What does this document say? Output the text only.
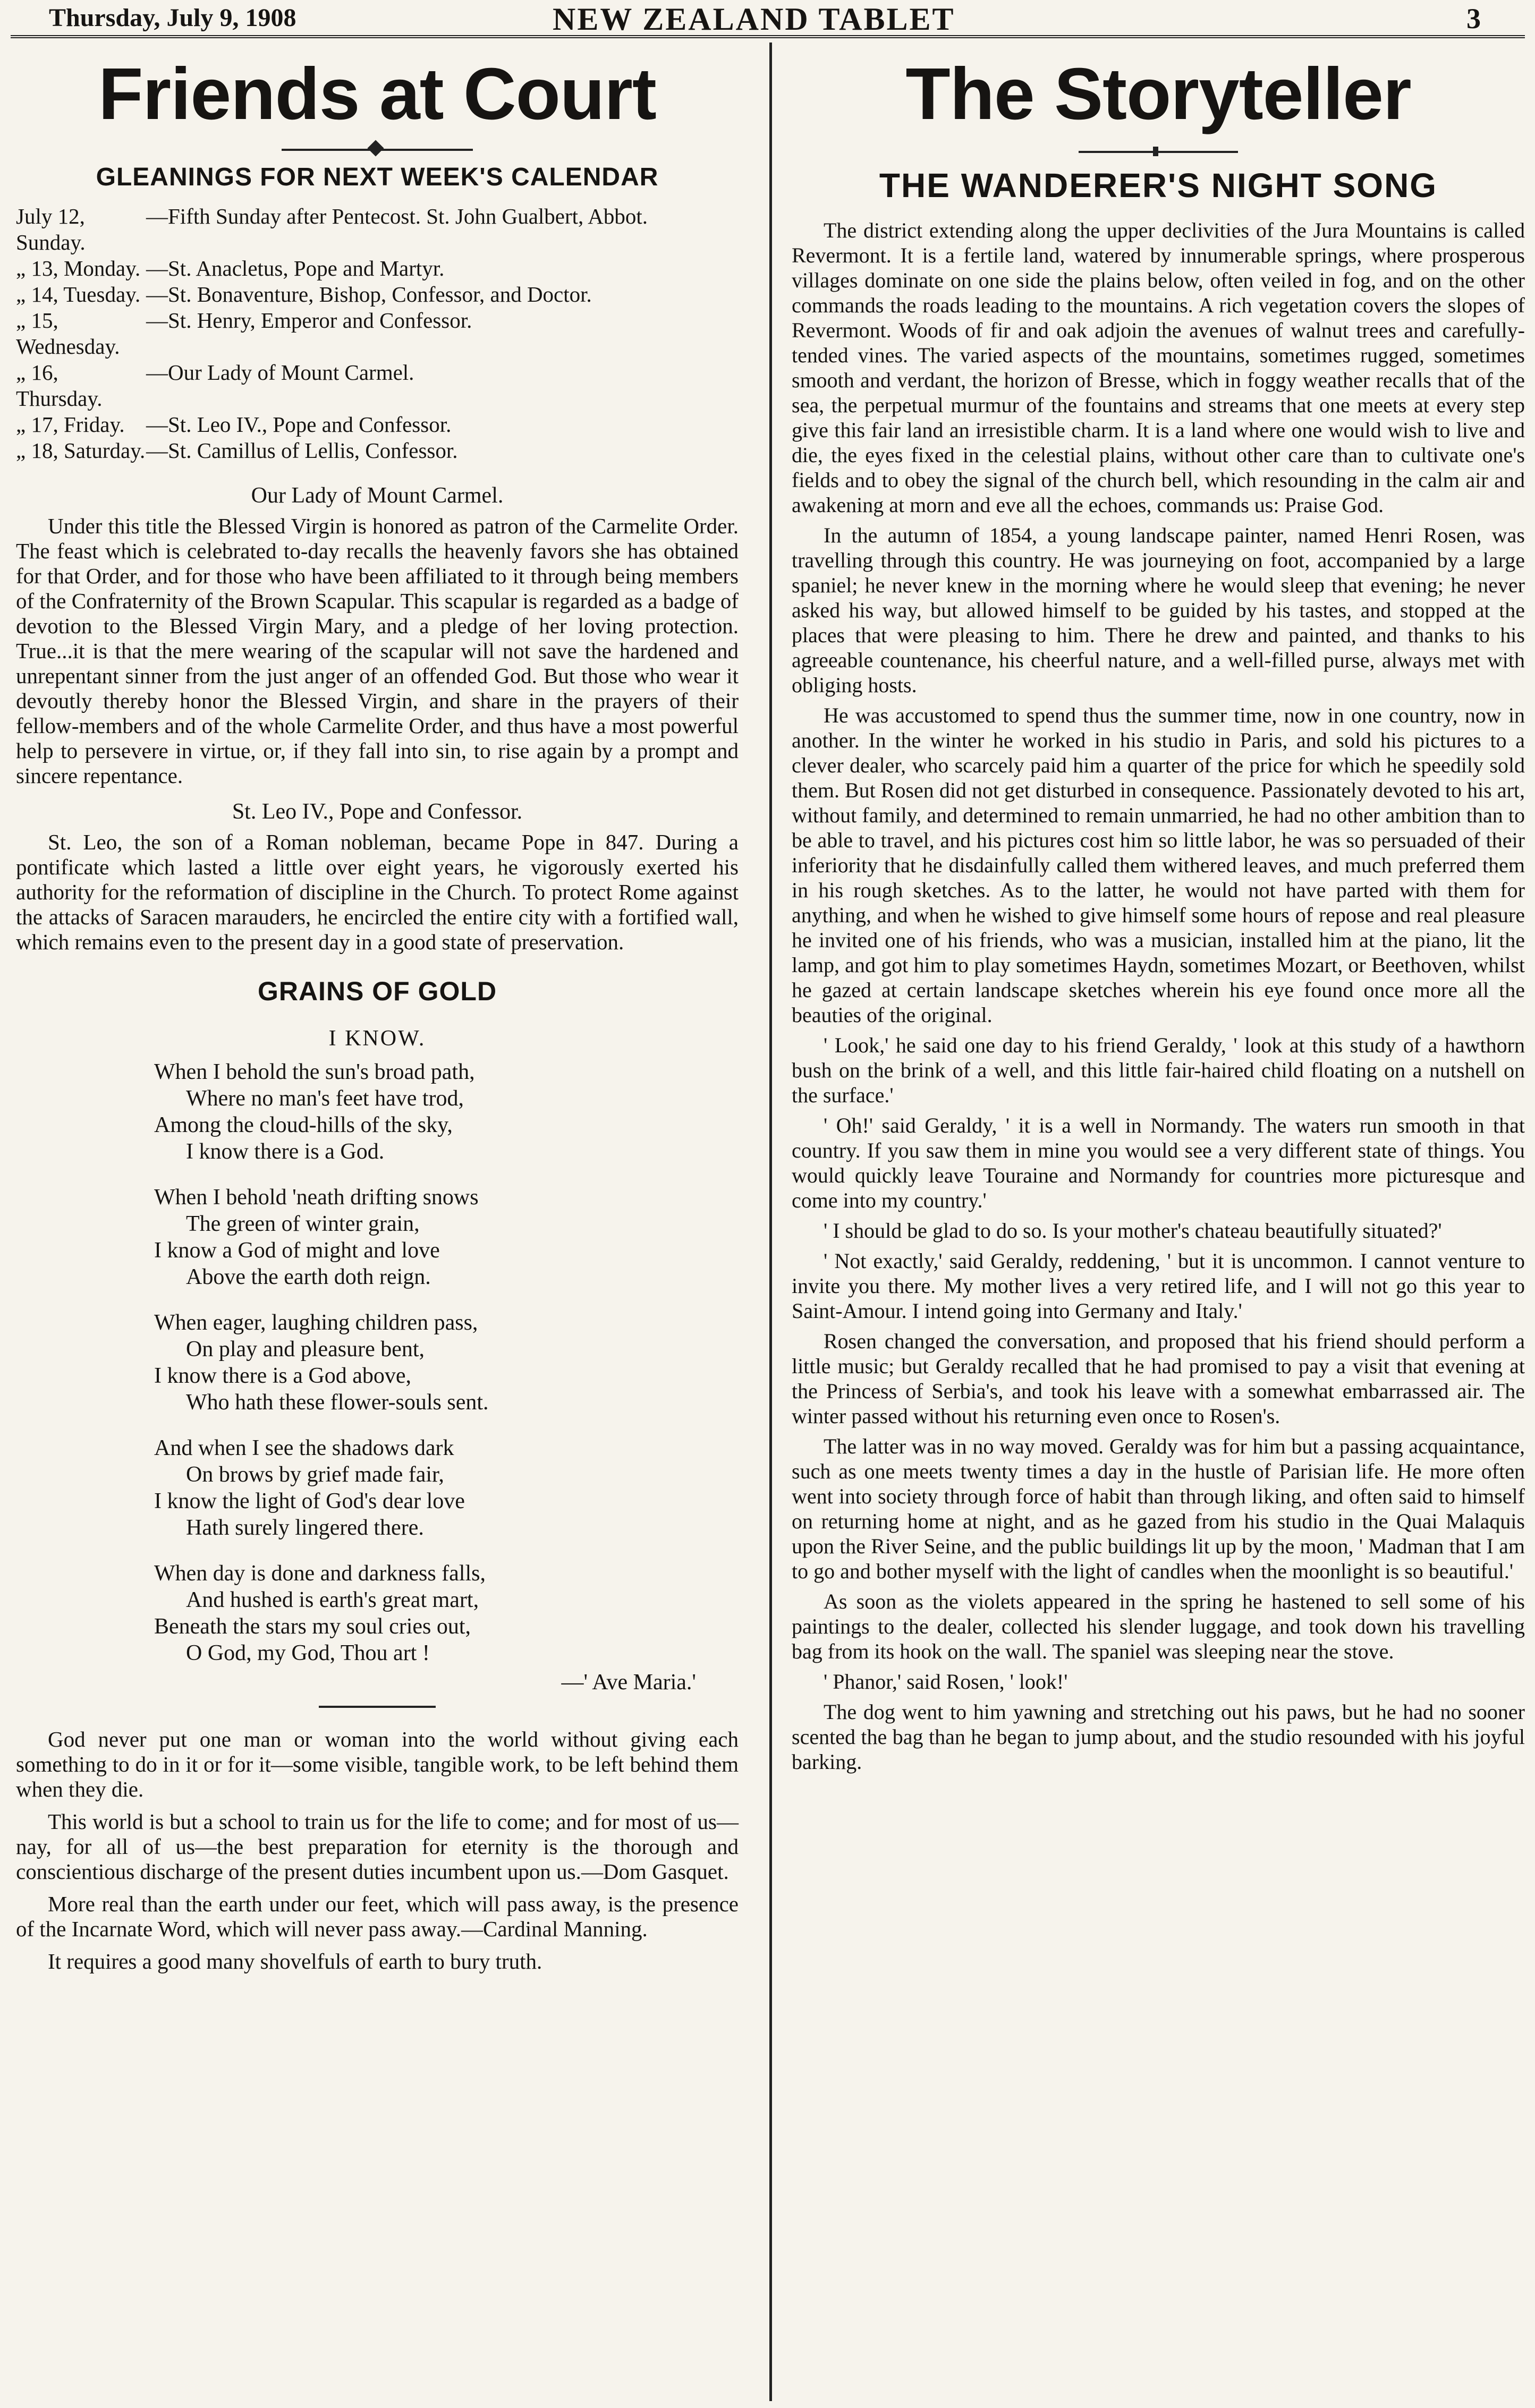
Thursday, July 9, 1908	NEW ZEALAND TABLET	3
Friends at Court
GLEANINGS FOR NEXT WEEK'S CALENDAR
July 12, Sunday.
—Fifth Sunday after Pentecost. St. John Gualbert, Abbot.
„ 13, Monday. —St. Anacletus, Pope and Martyr.
„ 14, Tuesday. —St. Bonaventure, Bishop, Confessor, and Doctor.
„ 15, Wednesday.
—St. Henry, Emperor and Confessor.
„ 16, Thursday.
—Our Lady of Mount Carmel.
„ 17, Friday. —St. Leo IV., Pope and Confessor.
„ 18, Saturday. —St. Camillus of Lellis, Confessor.
Our Lady of Mount Carmel.

Under this title the Blessed Virgin is honored as patron of the Carmelite Order. The feast which is celebrated to-day recalls the heavenly favors she has obtained for that Order, and for those who have been affiliated to it through being members of the Confraternity of the Brown Scapular. This scapular is regarded as a badge of devotion to the Blessed Virgin Mary, and a pledge of her loving protection. True...it is that the mere wearing of the scapular will not save the hardened and unrepentant sinner from the just anger of an offended God. But those who wear it devoutly thereby honor the Blessed Virgin, and share in the prayers of their fellow-members and of the whole Carmelite Order, and thus have a most powerful help to persevere in virtue, or, if they fall into sin, to rise again by a prompt and sincere repentance.

St. Leo IV., Pope and Confessor.

St. Leo, the son of a Roman nobleman, became Pope in 847. During a pontificate which lasted a little over eight years, he vigorously exerted his authority for the reformation of discipline in the Church. To protect Rome against the attacks of Saracen marauders, he encircled the entire city with a fortified wall, which remains even to the present day in a good state of preservation.

GRAINS OF GOLD
I KNOW.
When I behold the sun's broad path,
Where no man's feet have trod,
Among the cloud-hills of the sky,
I know there is a God.
When I behold 'neath drifting snows
The green of winter grain,
I know a God of might and love
Above the earth doth reign.
When eager, laughing children pass,
On play and pleasure bent,
I know there is a God above,
Who hath these flower-souls sent.
And when I see the shadows dark
On brows by grief made fair,
I know the light of God's dear love
Hath surely lingered there.
When day is done and darkness falls,
And hushed is earth's great mart,
Beneath the stars my soul cries out,
O God, my God, Thou art !
—' Ave Maria.'

God never put one man or woman into the world without giving each something to do in it or for it—some visible, tangible work, to be left behind them when they die.

This world is but a school to train us for the life to come; and for most of us—nay, for all of us—the best preparation for eternity is the thorough and conscientious discharge of the present duties incumbent upon us.—Dom Gasquet.

More real than the earth under our feet, which will pass away, is the presence of the Incarnate Word, which will never pass away.—Cardinal Manning.

It requires a good many shovelfuls of earth to bury truth.

The Storyteller
THE WANDERER'S NIGHT SONG

The district extending along the upper declivities of the Jura Mountains is called Revermont. It is a fertile land, watered by innumerable springs, where prosperous villages dominate on one side the plains below, often veiled in fog, and on the other commands the roads leading to the mountains. A rich vegetation covers the slopes of Revermont. Woods of fir and oak adjoin the avenues of walnut trees and carefully-tended vines. The varied aspects of the mountains, sometimes rugged, sometimes smooth and verdant, the horizon of Bresse, which in foggy weather recalls that of the sea, the perpetual murmur of the fountains and streams that one meets at every step give this fair land an irresistible charm. It is a land where one would wish to live and die, the eyes fixed in the celestial plains, without other care than to cultivate one's fields and to obey the signal of the church bell, which resounding in the calm air and awakening at morn and eve all the echoes, commands us: Praise God.

In the autumn of 1854, a young landscape painter, named Henri Rosen, was travelling through this country. He was journeying on foot, accompanied by a large spaniel; he never knew in the morning where he would sleep that evening; he never asked his way, but allowed himself to be guided by his tastes, and stopped at the places that were pleasing to him. There he drew and painted, and thanks to his agreeable countenance, his cheerful nature, and a well-filled purse, always met with obliging hosts.

He was accustomed to spend thus the summer time, now in one country, now in another. In the winter he worked in his studio in Paris, and sold his pictures to a clever dealer, who scarcely paid him a quarter of the price for which he speedily sold them. But Rosen did not get disturbed in consequence. Passionately devoted to his art, without family, and determined to remain unmarried, he had no other ambition than to be able to travel, and his pictures cost him so little labor, he was so persuaded of their inferiority that he disdainfully called them withered leaves, and much preferred them in his rough sketches. As to the latter, he would not have parted with them for anything, and when he wished to give himself some hours of repose and real pleasure he invited one of his friends, who was a musician, installed him at the piano, lit the lamp, and got him to play sometimes Haydn, sometimes Mozart, or Beethoven, whilst he gazed at certain landscape sketches wherein his eye found once more all the beauties of the original.

' Look,' he said one day to his friend Geraldy, ' look at this study of a hawthorn bush on the brink of a well, and this little fair-haired child floating on a nutshell on the surface.'

' Oh!' said Geraldy, ' it is a well in Normandy. The waters run smooth in that country. If you saw them in mine you would see a very different state of things. You would quickly leave Touraine and Normandy for countries more picturesque and come into my country.'

' I should be glad to do so. Is your mother's chateau beautifully situated?'

' Not exactly,' said Geraldy, reddening, ' but it is uncommon. I cannot venture to invite you there. My mother lives a very retired life, and I will not go this year to Saint-Amour. I intend going into Germany and Italy.'

Rosen changed the conversation, and proposed that his friend should perform a little music; but Geraldy recalled that he had promised to pay a visit that evening at the Princess of Serbia's, and took his leave with a somewhat embarrassed air. The winter passed without his returning even once to Rosen's.

The latter was in no way moved. Geraldy was for him but a passing acquaintance, such as one meets twenty times a day in the hustle of Parisian life. He more often went into society through force of habit than through liking, and often said to himself on returning home at night, and as he gazed from his studio in the Quai Malaquis upon the River Seine, and the public buildings lit up by the moon, ' Madman that I am to go and bother myself with the light of candles when the moonlight is so beautiful.'

As soon as the violets appeared in the spring he hastened to sell some of his paintings to the dealer, collected his slender luggage, and took down his travelling bag from its hook on the wall. The spaniel was sleeping near the stove.

' Phanor,' said Rosen, ' look!'

The dog went to him yawning and stretching out his paws, but he had no sooner scented the bag than he began to jump about, and the studio resounded with his joyful barking.
